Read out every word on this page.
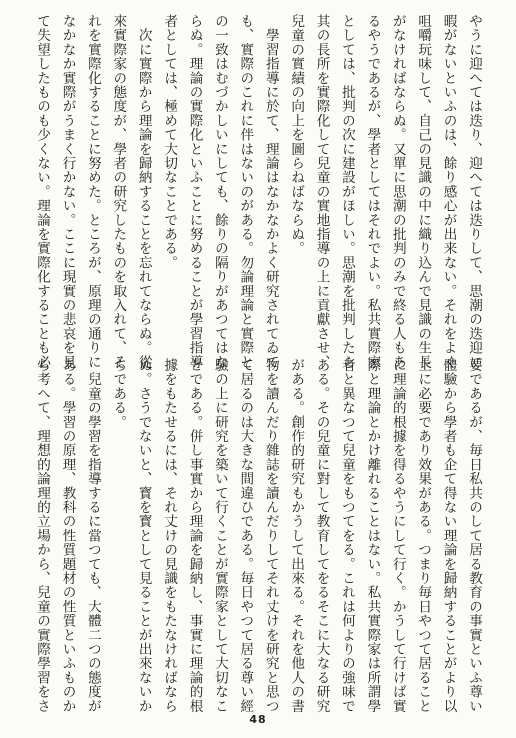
やうに迎へては迭り、迎へては迭りして、思潮の迭迎に
暇がないといふのは、餘り感心が出来ない。それをよく
咀嚼玩味して、自己の見識の中に織り込んで見識の生長
がなければならぬ。又單に思潮の批判のみで終る人もあ
るやうであるが、學者としてはそれでよい。私共實際家
としては、批判の次に建設がほしい。思潮を批判したら
其の長所を實際化して兒童の實地指導の上に貢獻させ、
兒童の實績の向上を圖らねばならぬ。
　學習指導に於て、理論はなかなかよく研究されてゐて
も、實際のこれに伴はないのがある。勿論理論と實際と
の一致はむづかしいにしても、餘りの隔りがあつてはな
らぬ。理論の實際化といふことに努めることが學習指導
者としては、極めて大切なことである。
　次に實際から理論を歸納することを忘れてならぬ。從
來實際家の態度が、學者の研究したものを取入れて、そ
れを實際化することに努めた。ところが、原理の通りに
なかなか實際がうまく行かない。ここに現實の悲哀を見
て失望したものも少くない。理論を實際化することも必
要であるが、毎日私共のして居る教育の事實といふ尊い
體驗から學者も企て得ない理論を歸納することがより以
上に必要であり效果がある。つまり毎日やつて居ること
に理論的根據を得るやうにして行く。かうして行けば實
際と理論とかけ離れることはない。私共實際家は所謂學
者と異なつて兒童をもつてをる。これは何よりの強味で
ある。その兒童に對して教育してをるそこに大なる研究
がある。創作的研究もかうして出來る。それを他人の書
物を讀んだり雜誌を讀んだりしてそれ丈けを研究と思つ
て居るのは大きな間違ひである。毎日やつて居る尊い經
驗の上に研究を築いて行くことが實際家として大切なこ
とである。併し事實から理論を歸納し、事實に理論的根
據をもたせるには、それ丈けの見識をもたなければなら
ぬ。さうでないと、寳を寳として見ることが出來ないか
らである。
　兒童の學習を指導するに當つても、大體二つの態度が
ある。學習の原理、教科の性質題材の性質といふものか
ら考へて、理想的論理的立場から、兒童の實際學習をさ
48
